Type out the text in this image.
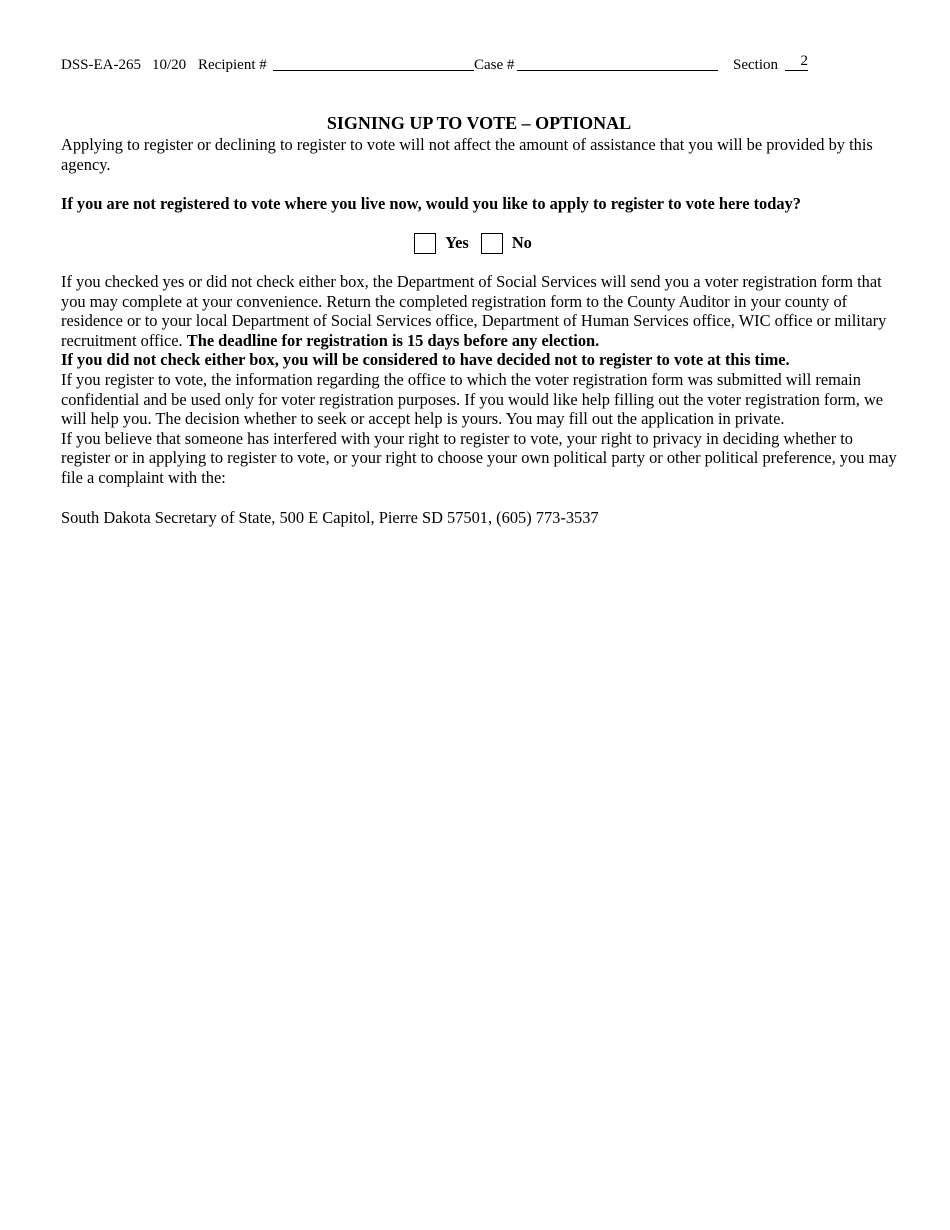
DSS-EA-265 10/20 Recipient #	Case #	Section 2
SIGNING UP TO VOTE – OPTIONAL

Applying to register or declining to register to vote will not affect the amount of assistance that you will be provided by this agency.

If you are not registered to vote where you live now, would you like to apply to register to vote here today?

Yes	No

If you checked yes or did not check either box, the Department of Social Services will send you a voter registration form that you may complete at your convenience. Return the completed registration form to the County Auditor in your county of residence or to your local Department of Social Services office, Department of Human Services office, WIC office or military recruitment office. The deadline for registration is 15 days before any election.

If you did not check either box, you will be considered to have decided not to register to vote at this time.

If you register to vote, the information regarding the office to which the voter registration form was submitted will remain confidential and be used only for voter registration purposes. If you would like help filling out the voter registration form, we will help you. The decision whether to seek or accept help is yours. You may fill out the application in private.

If you believe that someone has interfered with your right to register to vote, your right to privacy in deciding whether to register or in applying to register to vote, or your right to choose your own political party or other political preference, you may file a complaint with the:

South Dakota Secretary of State, 500 E Capitol, Pierre SD 57501, (605) 773-3537
